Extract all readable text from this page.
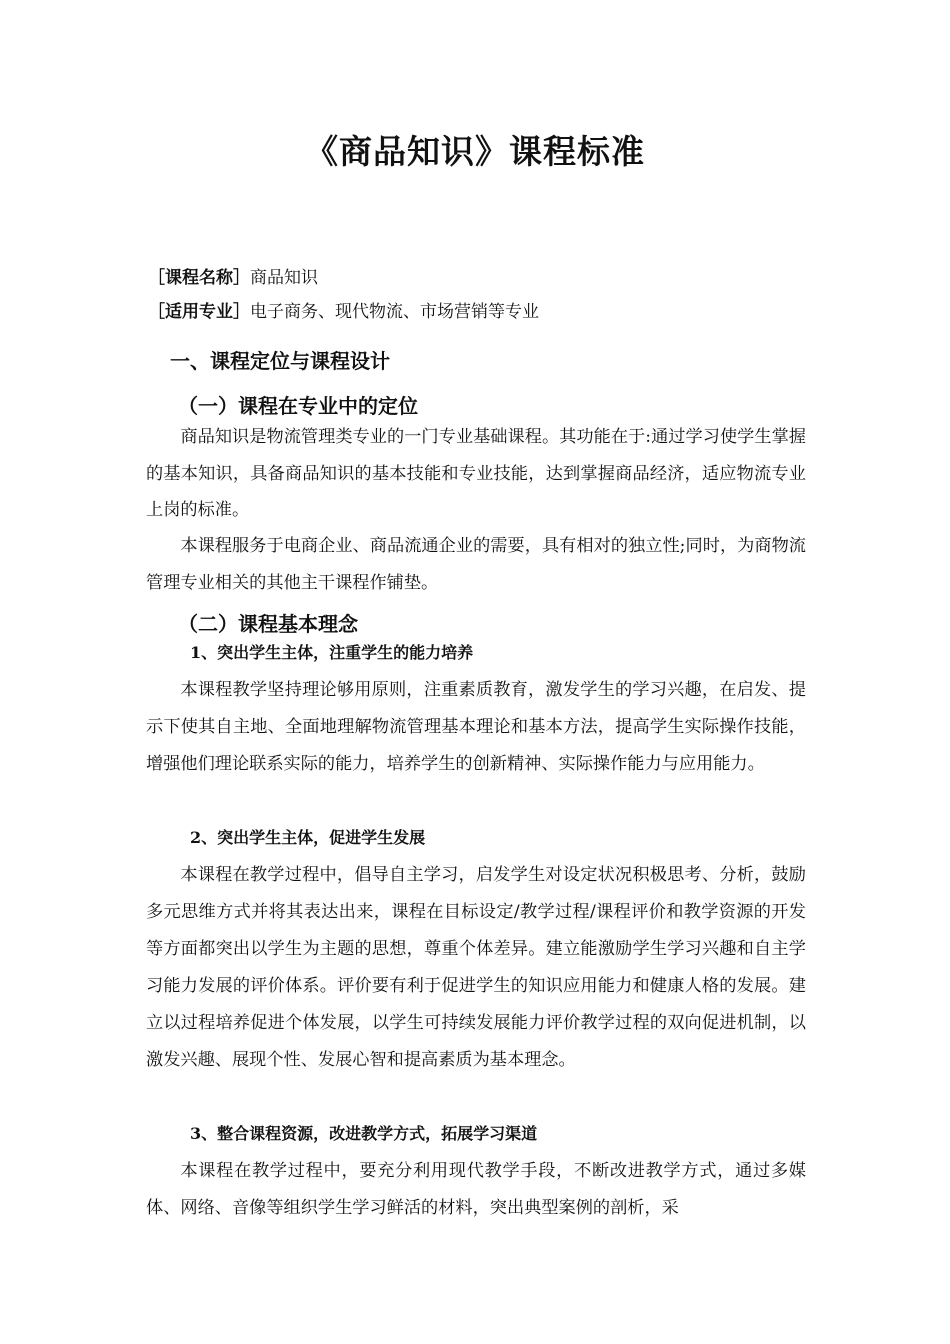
《商品知识》课程标准

［课程名称］商品知识

［适用专业］电子商务、现代物流、市场营销等专业

一、课程定位与课程设计
（一）课程在专业中的定位

商品知识是物流管理类专业的一门专业基础课程。其功能在于:通过学习使学生掌握的基本知识，具备商品知识的基本技能和专业技能，达到掌握商品经济，适应物流专业上岗的标准。

本课程服务于电商企业、商品流通企业的需要，具有相对的独立性;同时，为商物流管理专业相关的其他主干课程作铺垫。

（二）课程基本理念
1、突出学生主体，注重学生的能力培养

本课程教学坚持理论够用原则，注重素质教育，激发学生的学习兴趣，在启发、提示下使其自主地、全面地理解物流管理基本理论和基本方法，提高学生实际操作技能，增强他们理论联系实际的能力，培养学生的创新精神、实际操作能力与应用能力。

2、突出学生主体，促进学生发展

本课程在教学过程中，倡导自主学习，启发学生对设定状况积极思考、分析，鼓励多元思维方式并将其表达出来，课程在目标设定/教学过程/课程评价和教学资源的开发等方面都突出以学生为主题的思想，尊重个体差异。建立能激励学生学习兴趣和自主学习能力发展的评价体系。评价要有利于促进学生的知识应用能力和健康人格的发展。建立以过程培养促进个体发展，以学生可持续发展能力评价教学过程的双向促进机制，以激发兴趣、展现个性、发展心智和提高素质为基本理念。

3、整合课程资源，改进教学方式，拓展学习渠道

本课程在教学过程中，要充分利用现代教学手段，不断改进教学方式，通过多媒体、网络、音像等组织学生学习鲜活的材料，突出典型案例的剖析，采
